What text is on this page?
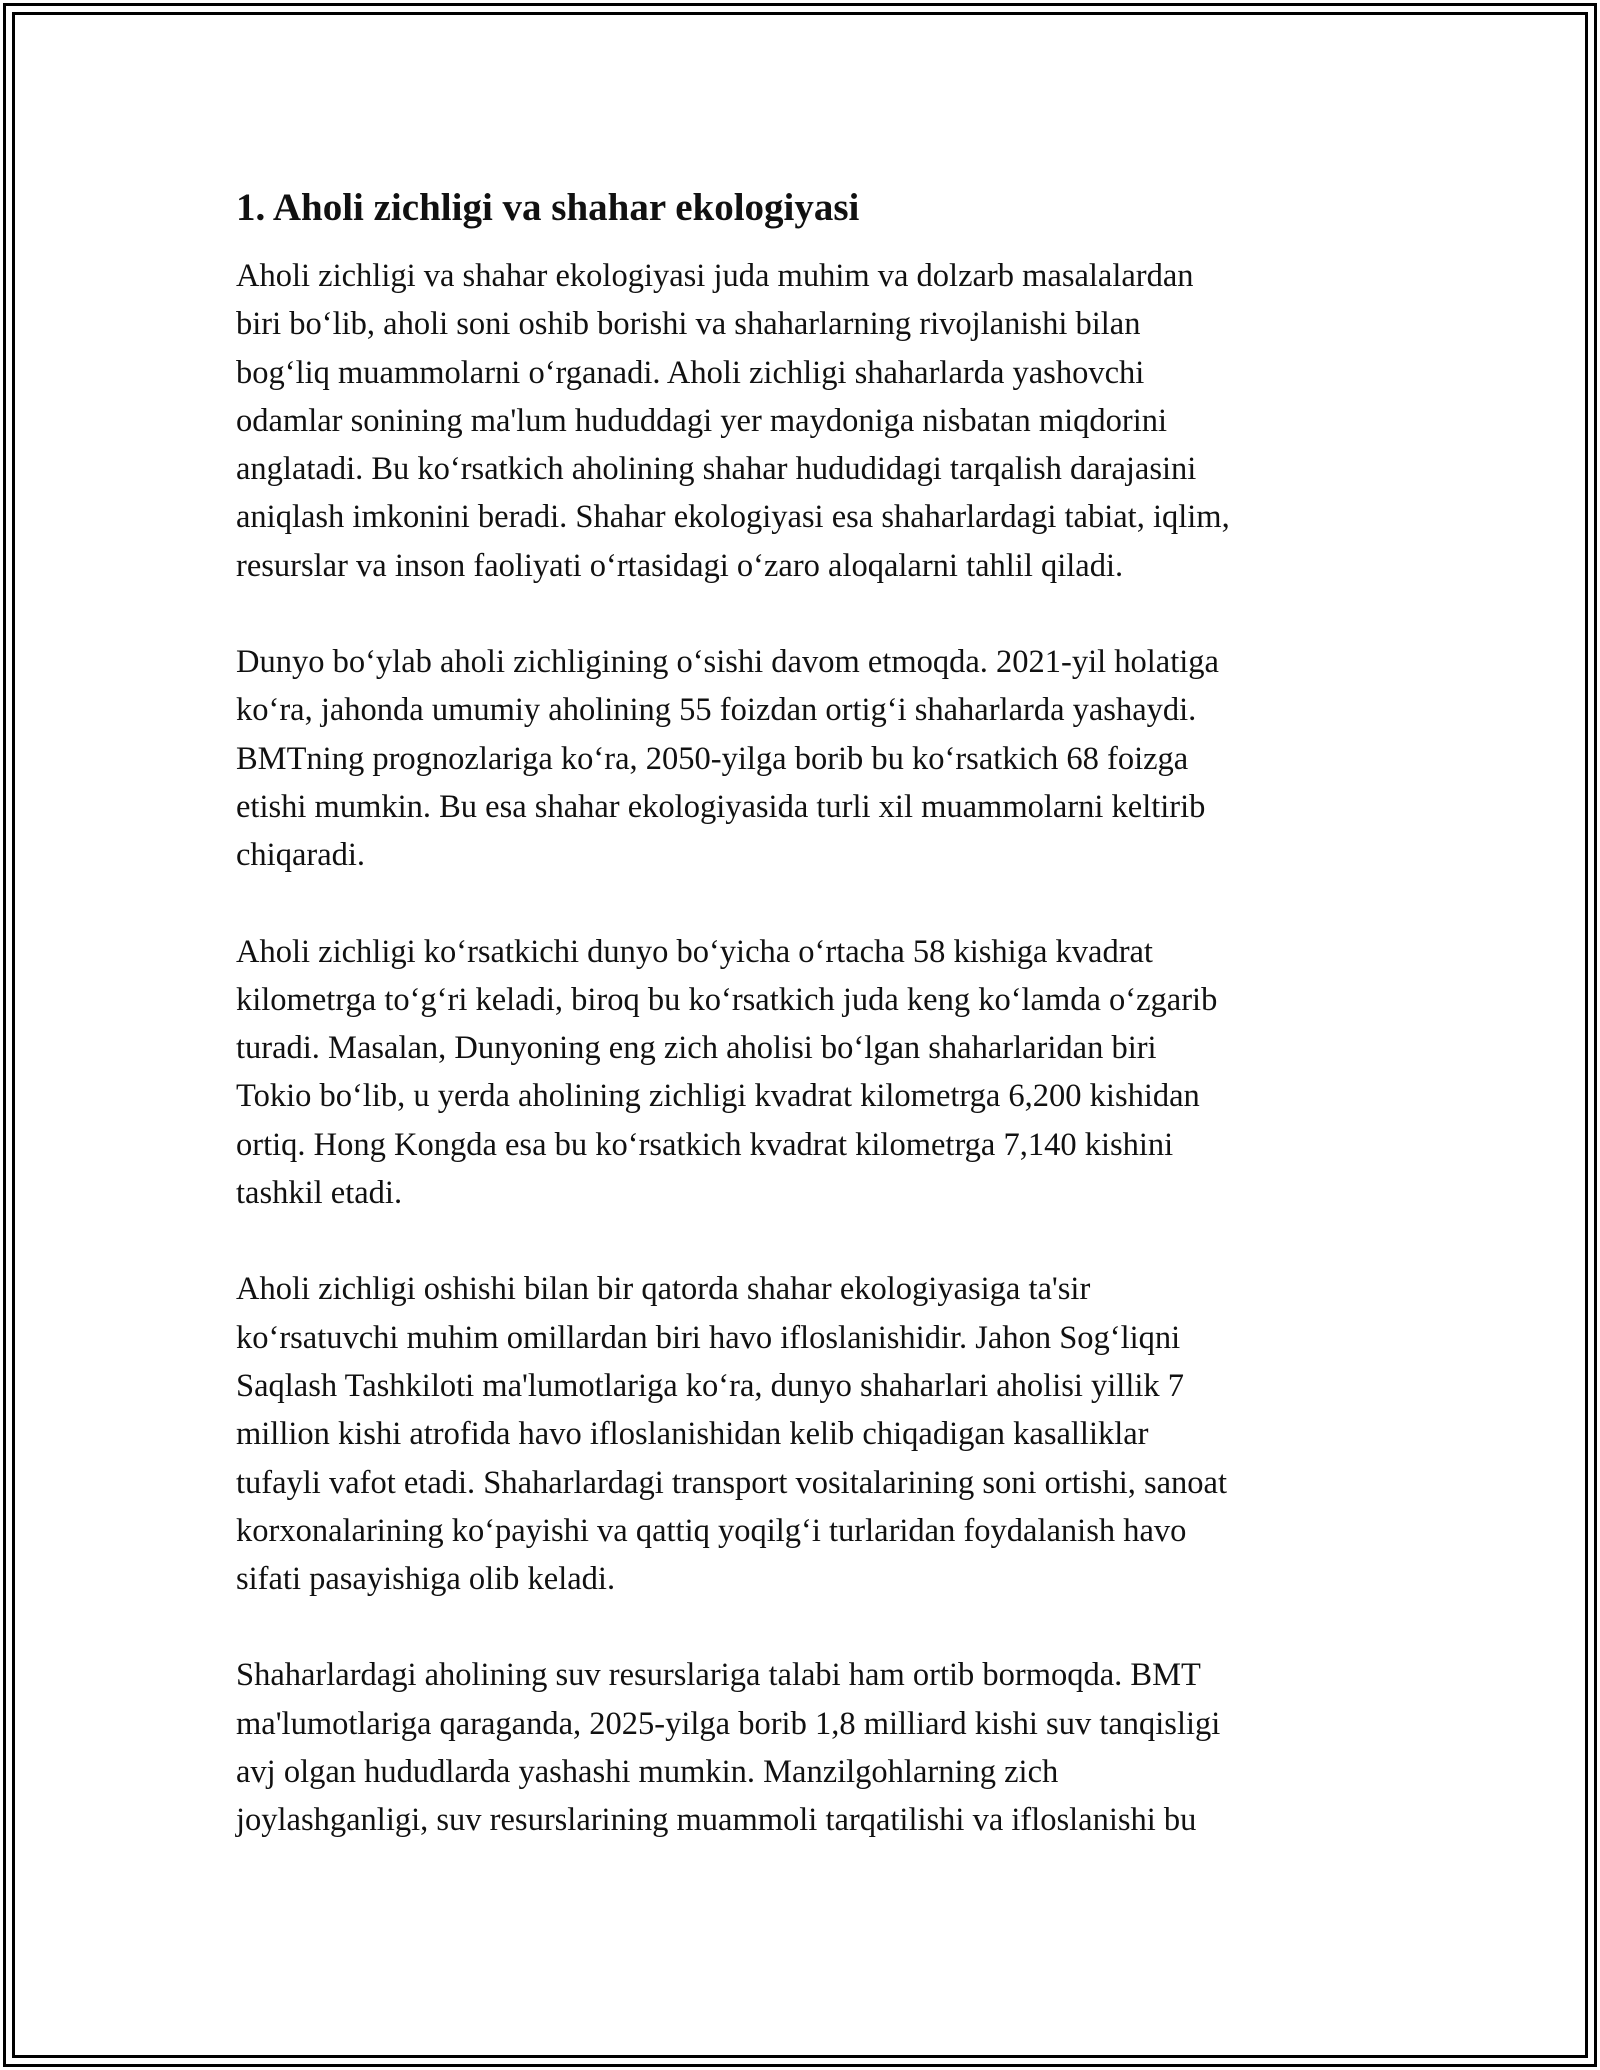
1. Aholi zichligi va shahar ekologiyasi
Aholi zichligi va shahar ekologiyasi juda muhim va dolzarb masalalardan
biri bo‘lib, aholi soni oshib borishi va shaharlarning rivojlanishi bilan
bog‘liq muammolarni o‘rganadi. Aholi zichligi shaharlarda yashovchi
odamlar sonining ma'lum hududdagi yer maydoniga nisbatan miqdorini
anglatadi. Bu ko‘rsatkich aholining shahar hududidagi tarqalish darajasini
aniqlash imkonini beradi. Shahar ekologiyasi esa shaharlardagi tabiat, iqlim,
resurslar va inson faoliyati o‘rtasidagi o‘zaro aloqalarni tahlil qiladi.
Dunyo bo‘ylab aholi zichligining o‘sishi davom etmoqda. 2021-yil holatiga
ko‘ra, jahonda umumiy aholining 55 foizdan ortig‘i shaharlarda yashaydi.
BMTning prognozlariga ko‘ra, 2050-yilga borib bu ko‘rsatkich 68 foizga
etishi mumkin. Bu esa shahar ekologiyasida turli xil muammolarni keltirib
chiqaradi.
Aholi zichligi ko‘rsatkichi dunyo bo‘yicha o‘rtacha 58 kishiga kvadrat
kilometrga to‘g‘ri keladi, biroq bu ko‘rsatkich juda keng ko‘lamda o‘zgarib
turadi. Masalan, Dunyoning eng zich aholisi bo‘lgan shaharlaridan biri
Tokio bo‘lib, u yerda aholining zichligi kvadrat kilometrga 6,200 kishidan
ortiq. Hong Kongda esa bu ko‘rsatkich kvadrat kilometrga 7,140 kishini
tashkil etadi.
Aholi zichligi oshishi bilan bir qatorda shahar ekologiyasiga ta'sir
ko‘rsatuvchi muhim omillardan biri havo ifloslanishidir. Jahon Sog‘liqni
Saqlash Tashkiloti ma'lumotlariga ko‘ra, dunyo shaharlari aholisi yillik 7
million kishi atrofida havo ifloslanishidan kelib chiqadigan kasalliklar
tufayli vafot etadi. Shaharlardagi transport vositalarining soni ortishi, sanoat
korxonalarining ko‘payishi va qattiq yoqilg‘i turlaridan foydalanish havo
sifati pasayishiga olib keladi.
Shaharlardagi aholining suv resurslariga talabi ham ortib bormoqda. BMT
ma'lumotlariga qaraganda, 2025-yilga borib 1,8 milliard kishi suv tanqisligi
avj olgan hududlarda yashashi mumkin. Manzilgohlarning zich
joylashganligi, suv resurslarining muammoli tarqatilishi va ifloslanishi bu
